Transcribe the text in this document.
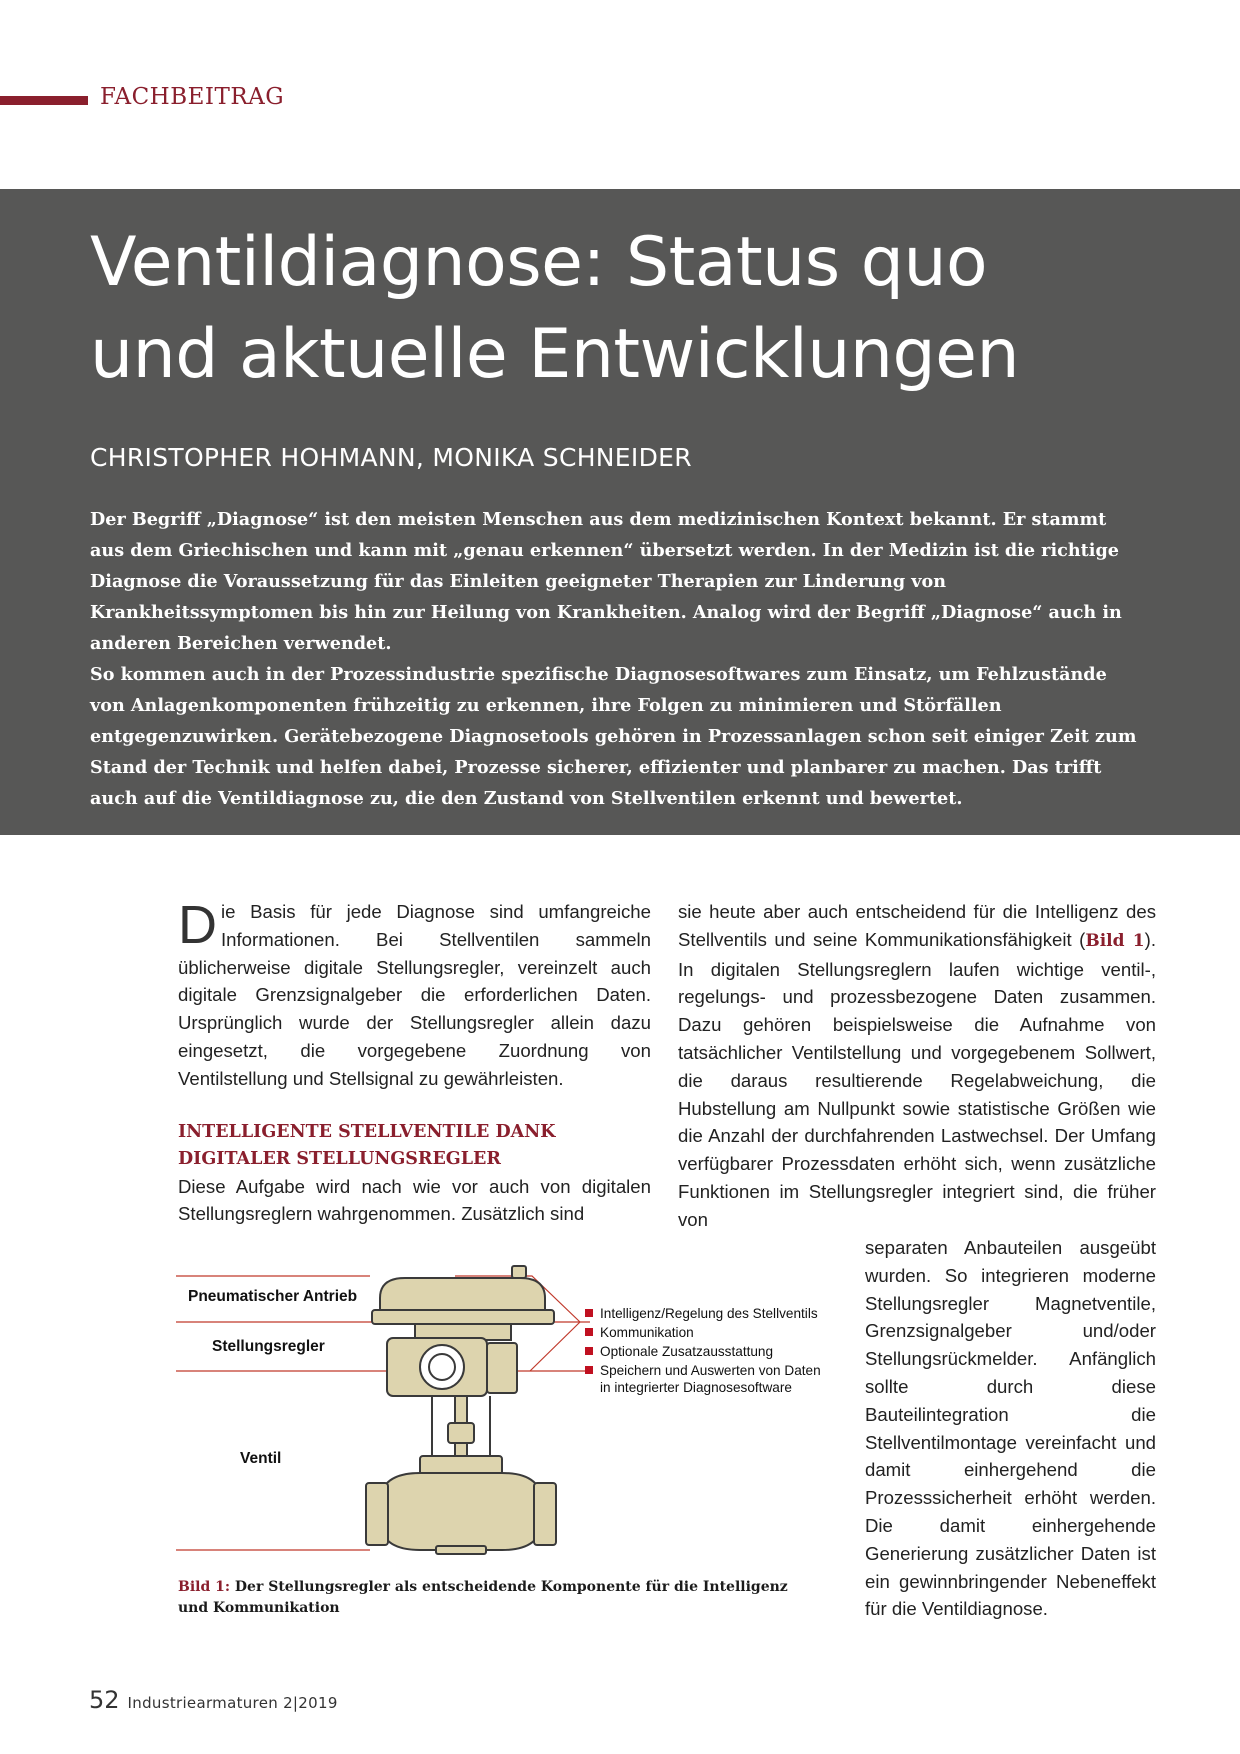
FACHBEITRAG
Ventildiagnose: Status quo
und aktuelle Entwicklungen
CHRISTOPHER HOHMANN, MONIKA SCHNEIDER

Der Begriff „Diagnose“ ist den meisten Menschen aus dem medizinischen Kontext bekannt. Er stammt aus dem Griechischen und kann mit „genau erkennen“ übersetzt werden. In der Medizin ist die richtige Diagnose die Voraussetzung für das Einleiten geeigneter Therapien zur Linderung von Krankheitssymptomen bis hin zur Heilung von Krankheiten. Analog wird der Begriff „Diagnose“ auch in anderen Bereichen verwendet.
So kommen auch in der Prozessindustrie spezifische Diagnosesoftwares zum Einsatz, um Fehlzustände von Anlagenkomponenten frühzeitig zu erkennen, ihre Folgen zu minimieren und Störfällen entgegenzuwirken. Gerätebezogene Diagnosetools gehören in Prozessanlagen schon seit einiger Zeit zum Stand der Technik und helfen dabei, Prozesse sicherer, effizienter und planbarer zu machen. Das trifft auch auf die Ventildiagnose zu, die den Zustand von Stellventilen erkennt und bewertet.

Die Basis für jede Diagnose sind umfangreiche Informationen. Bei Stellventilen sammeln üblicherweise digitale Stellungsregler, vereinzelt auch digitale Grenzsignalgeber die erforderlichen Daten. Ursprünglich wurde der Stellungsregler allein dazu eingesetzt, die vorgegebene Zuordnung von Ventilstellung und Stellsignal zu gewährleisten.

INTELLIGENTE STELLVENTILE DANK
DIGITALER STELLUNGSREGLER

Diese Aufgabe wird nach wie vor auch von digitalen Stellungsreglern wahrgenommen. Zusätzlich sind

sie heute aber auch entscheidend für die Intelligenz des Stellventils und seine Kommunikationsfähigkeit (Bild 1). In digitalen Stellungsreglern laufen wichtige ventil-, regelungs- und prozessbezogene Daten zusammen. Dazu gehören beispielsweise die Aufnahme von tatsächlicher Ventilstellung und vorgegebenem Sollwert, die daraus resultierende Regelabweichung, die Hubstellung am Nullpunkt sowie statistische Größen wie die Anzahl der durchfahrenden Lastwechsel. Der Umfang verfügbarer Prozessdaten erhöht sich, wenn zusätzliche Funktionen im Stellungsregler integriert sind, die früher von

separaten Anbauteilen ausgeübt wurden. So integrieren moderne Stellungsregler Magnetventile, Grenzsignalgeber und/oder Stellungsrückmelder. Anfänglich sollte durch diese Bauteilintegration die Stellventilmontage vereinfacht und damit einhergehend die Prozesssicherheit erhöht werden. Die damit einhergehende Generierung zusätzlicher Daten ist ein gewinnbringender Nebeneffekt für die Ventildiagnose.

Pneumatischer Antrieb
Stellungsregler
Ventil
Intelligenz/Regelung des Stellventils
Kommunikation
Optionale Zusatzausstattung
Speichern und Auswerten von Daten
in integrierter Diagnosesoftware

Bild 1: Der Stellungsregler als entscheidende Komponente für die Intelligenz und Kommunikation

52 Industriearmaturen 2|2019
